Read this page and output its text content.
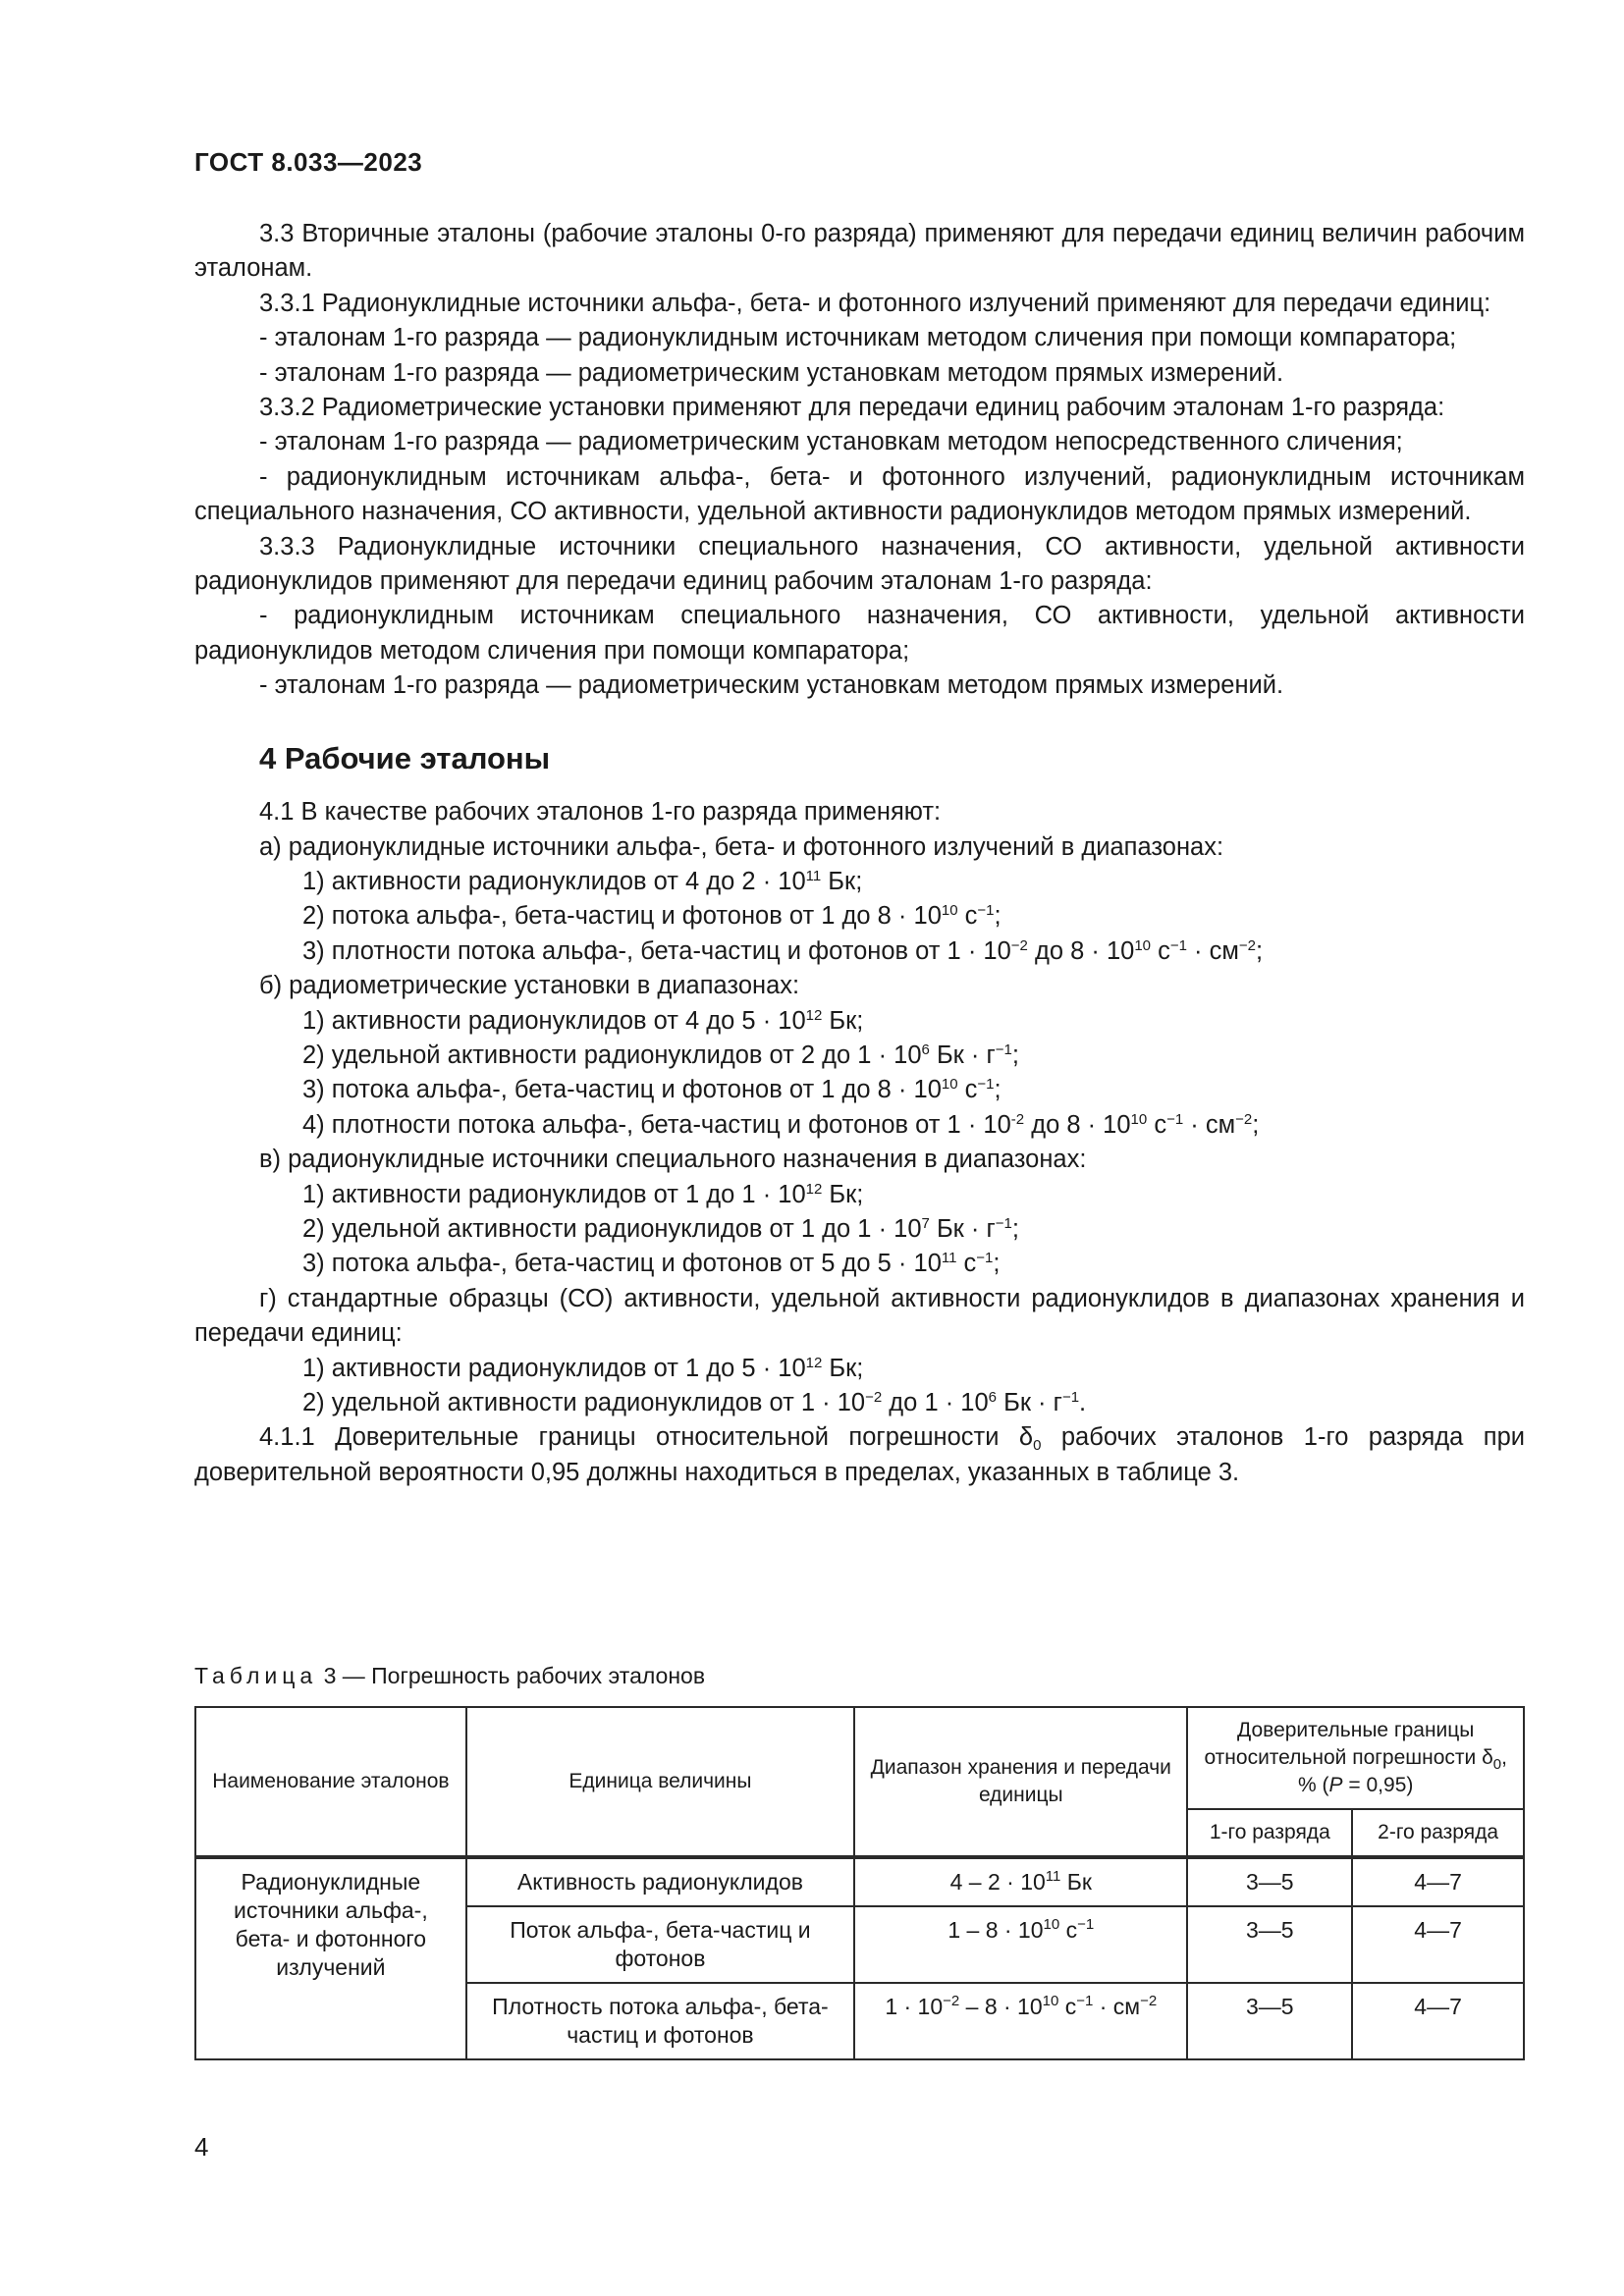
ГОСТ 8.033—2023

3.3 Вторичные эталоны (рабочие эталоны 0-го разряда) применяют для передачи единиц величин рабочим эталонам.

3.3.1 Радионуклидные источники альфа-, бета- и фотонного излучений применяют для передачи единиц:

- эталонам 1-го разряда — радионуклидным источникам методом сличения при помощи компаратора;

- эталонам 1-го разряда — радиометрическим установкам методом прямых измерений.

3.3.2 Радиометрические установки применяют для передачи единиц рабочим эталонам 1-го разряда:

- эталонам 1-го разряда — радиометрическим установкам методом непосредственного сличения;

- радионуклидным источникам альфа-, бета- и фотонного излучений, радионуклидным источникам специального назначения, СО активности, удельной активности радионуклидов методом прямых измерений.

3.3.3 Радионуклидные источники специального назначения, СО активности, удельной активности радионуклидов применяют для передачи единиц рабочим эталонам 1-го разряда:

- радионуклидным источникам специального назначения, СО активности, удельной активности радионуклидов методом сличения при помощи компаратора;

- эталонам 1-го разряда — радиометрическим установкам методом прямых измерений.

4 Рабочие эталоны

4.1 В качестве рабочих эталонов 1-го разряда применяют:

а) радионуклидные источники альфа-, бета- и фотонного излучений в диапазонах:

1) активности радионуклидов от 4 до $2 \cdot 10^{11}$ Бк;

2) потока альфа-, бета-частиц и фотонов от 1 до $8 \cdot 10^{10}$ $с^{-1}$;

3) плотности потока альфа-, бета-частиц и фотонов от $1 \cdot 10^{-2}$ до $8 \cdot 10^{10}$ $с^{-1} \cdot см^{-2}$;

б) радиометрические установки в диапазонах:

1) активности радионуклидов от 4 до $5 \cdot 10^{12}$ Бк;

2) удельной активности радионуклидов от 2 до $1 \cdot 10^6$ Бк · $г^{-1}$;

3) потока альфа-, бета-частиц и фотонов от 1 до $8 \cdot 10^{10}$ $с^{-1}$;

4) плотности потока альфа-, бета-частиц и фотонов от $1 \cdot 10^{-2}$ до $8 \cdot 10^{10}$ $с^{-1} \cdot см^{-2}$;

в) радионуклидные источники специального назначения в диапазонах:

1) активности радионуклидов от 1 до $1 \cdot 10^{12}$ Бк;

2) удельной активности радионуклидов от 1 до $1 \cdot 10^7$ Бк · $г^{-1}$;

3) потока альфа-, бета-частиц и фотонов от 5 до $5 \cdot 10^{11}$ $с^{-1}$;

г) стандартные образцы (СО) активности, удельной активности радионуклидов в диапазонах хранения и передачи единиц:

1) активности радионуклидов от 1 до $5 \cdot 10^{12}$ Бк;

2) удельной активности радионуклидов от $1 \cdot 10^{-2}$ до $1 \cdot 10^6$ Бк · $г^{-1}$.

4.1.1 Доверительные границы относительной погрешности $\delta_0$ рабочих эталонов 1-го разряда при доверительной вероятности 0,95 должны находиться в пределах, указанных в таблице 3.

Таблица 3 — Погрешность рабочих эталонов
Наименование эталонов	Единица величины	Диапазон хранения и передачи единицы	Доверительные границы относительной погрешности $\delta_0$, % (P = 0,95)	
			1-го разряда	2-го разряда
Радионуклидные источники альфа-, бета- и фотонного излучений	Активность радионуклидов	$4 - 2 \cdot 10^{11}$ Бк	3—5	4—7
	Поток альфа-, бета-частиц и фотонов	$1 - 8 \cdot 10^{10}$ $с^{-1}$	3—5	4—7
	Плотность потока альфа-, бета-частиц и фотонов	$1 \cdot 10^{-2} - 8 \cdot 10^{10}$ $с^{-1} \cdot см^{-2}$	3—5	4—7
4
